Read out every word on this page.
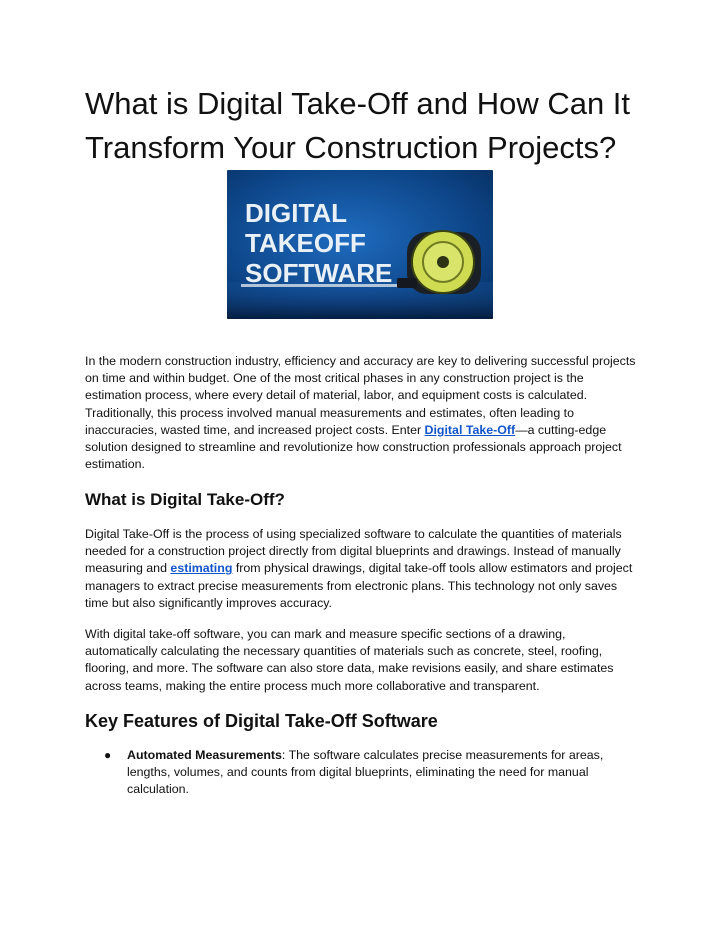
What is Digital Take-Off and How Can It Transform Your Construction Projects?
DIGITAL
TAKEOFF
SOFTWARE

In the modern construction industry, efficiency and accuracy are key to delivering successful projects on time and within budget. One of the most critical phases in any construction project is the estimation process, where every detail of material, labor, and equipment costs is calculated. Traditionally, this process involved manual measurements and estimates, often leading to inaccuracies, wasted time, and increased project costs. Enter Digital Take-Off—a cutting-edge solution designed to streamline and revolutionize how construction professionals approach project estimation.

What is Digital Take-Off?

Digital Take-Off is the process of using specialized software to calculate the quantities of materials needed for a construction project directly from digital blueprints and drawings. Instead of manually measuring and estimating from physical drawings, digital take-off tools allow estimators and project managers to extract precise measurements from electronic plans. This technology not only saves time but also significantly improves accuracy.

With digital take-off software, you can mark and measure specific sections of a drawing, automatically calculating the necessary quantities of materials such as concrete, steel, roofing, flooring, and more. The software can also store data, make revisions easily, and share estimates across teams, making the entire process much more collaborative and transparent.

Key Features of Digital Take-Off Software
● Automated Measurements: The software calculates precise measurements for areas, lengths, volumes, and counts from digital blueprints, eliminating the need for manual calculation.
